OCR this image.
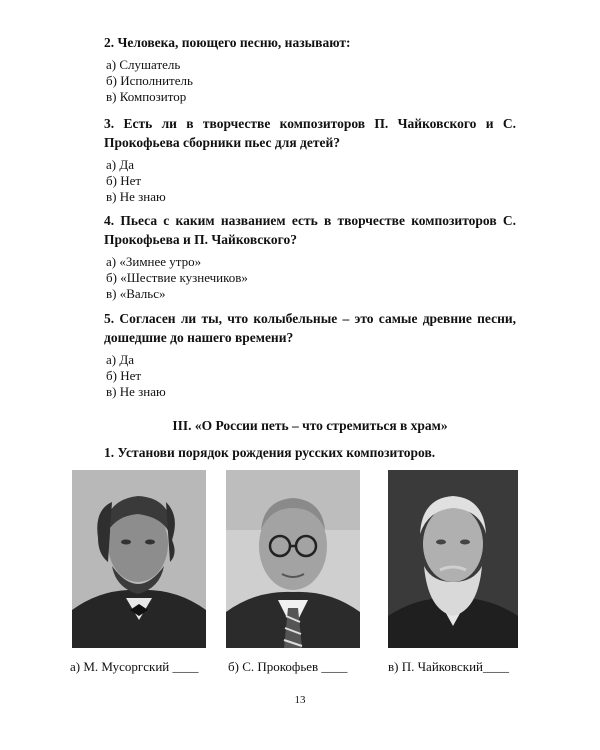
2. Человека, поющего песню, называют:
а) Слушатель
б) Исполнитель
в) Композитор
3. Есть ли в творчестве композиторов П. Чайковского и С. Прокофьева сборники пьес для детей?
а) Да
б) Нет
в) Не знаю
4. Пьеса с каким названием есть в творчестве композиторов С. Прокофьева и П. Чайковского?
а) «Зимнее утро»
б) «Шествие кузнечиков»
в) «Вальс»
5. Согласен ли ты, что колыбельные – это самые древние песни, дошедшие до нашего времени?
а) Да
б) Нет
в) Не знаю
III. «О России петь – что стремиться в храм»
1. Установи порядок рождения русских композиторов.
а) М. Мусоргский ____ б) С. Прокофьев ____	в) П. Чайковский____
13
